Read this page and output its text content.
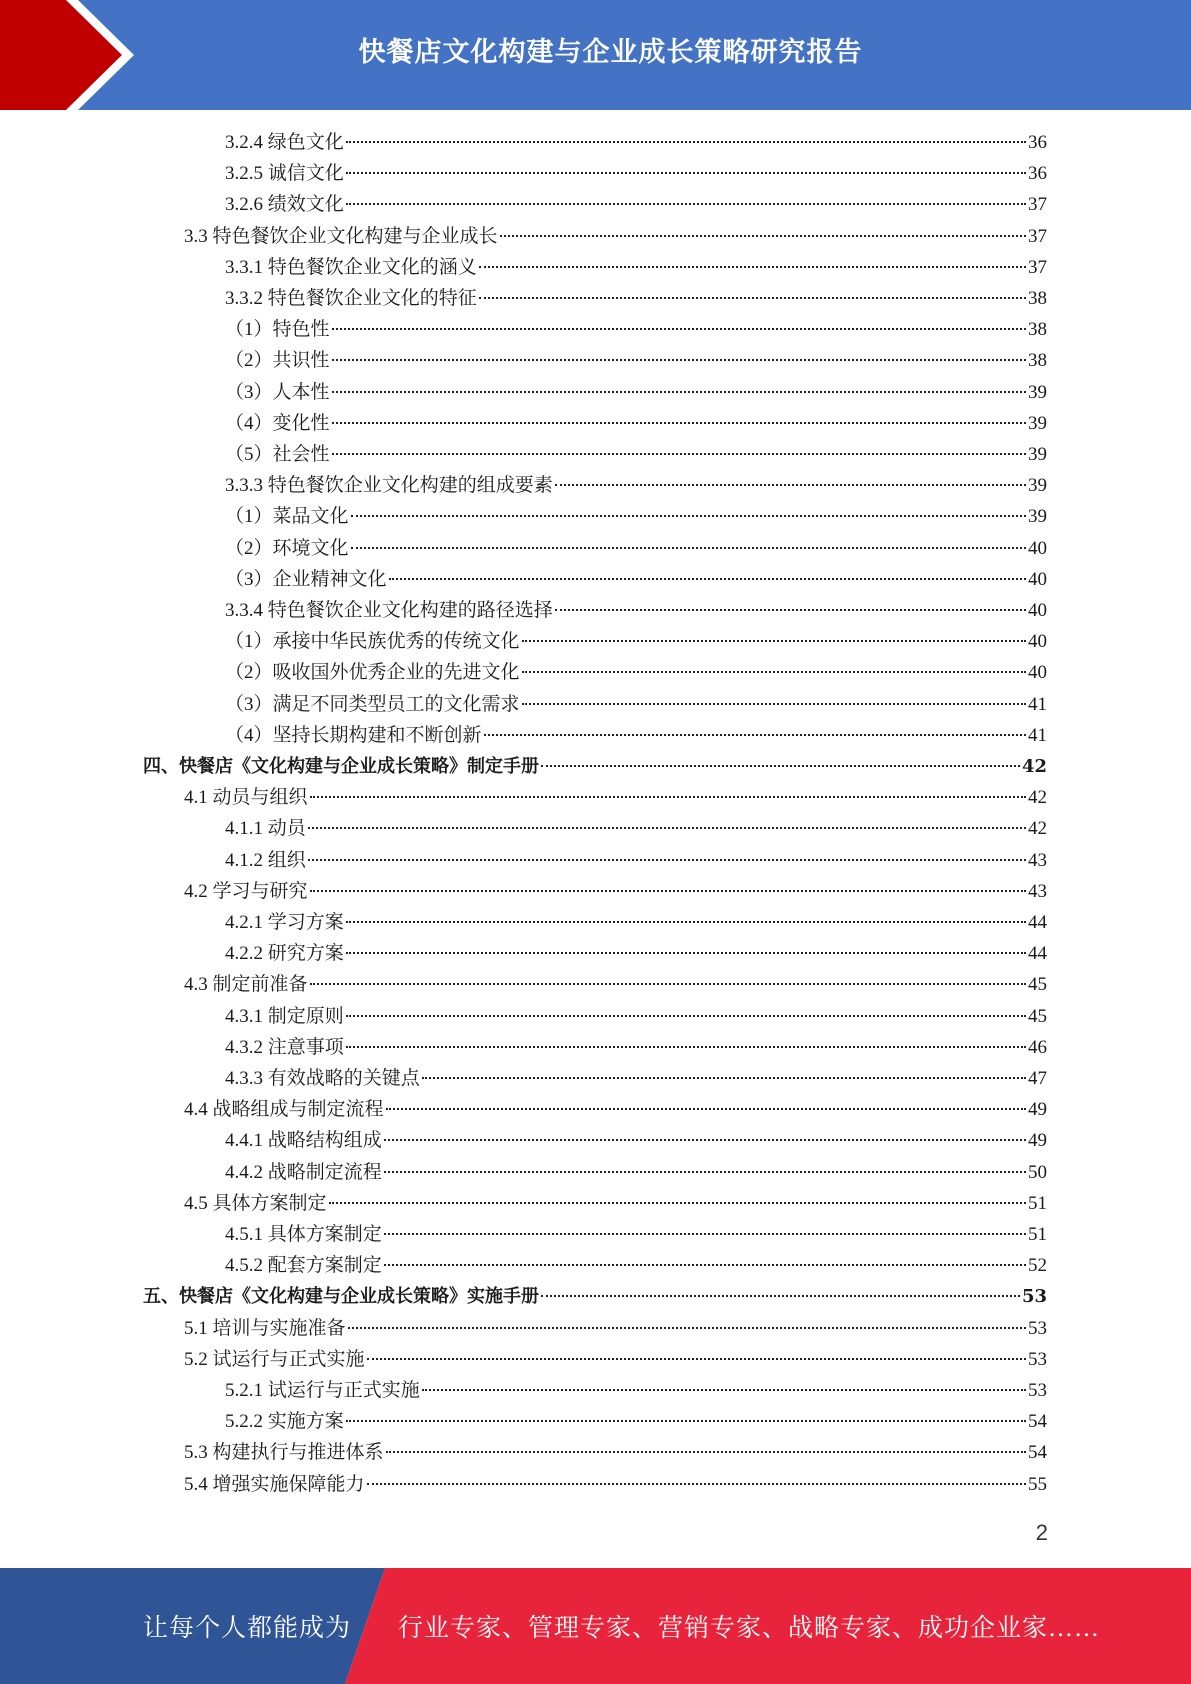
快餐店文化构建与企业成长策略研究报告
3.2.4 绿色文化	36
3.2.5 诚信文化	36
3.2.6 绩效文化	37
3.3 特色餐饮企业文化构建与企业成长	37
3.3.1 特色餐饮企业文化的涵义	37
3.3.2 特色餐饮企业文化的特征	38
（1）特色性	38
（2）共识性	38
（3）人本性	39
（4）变化性	39
（5）社会性	39
3.3.3 特色餐饮企业文化构建的组成要素	39
（1）菜品文化	39
（2）环境文化	40
（3）企业精神文化	40
3.3.4 特色餐饮企业文化构建的路径选择	40
（1）承接中华民族优秀的传统文化	40
（2）吸收国外优秀企业的先进文化	40
（3）满足不同类型员工的文化需求	41
（4）坚持长期构建和不断创新	41
四、快餐店《文化构建与企业成长策略》制定手册	42
4.1 动员与组织	42
4.1.1 动员	42
4.1.2 组织	43
4.2 学习与研究	43
4.2.1 学习方案	44
4.2.2 研究方案	44
4.3 制定前准备	45
4.3.1 制定原则	45
4.3.2 注意事项	46
4.3.3 有效战略的关键点	47
4.4 战略组成与制定流程	49
4.4.1 战略结构组成	49
4.4.2 战略制定流程	50
4.5 具体方案制定	51
4.5.1 具体方案制定	51
4.5.2 配套方案制定	52
五、快餐店《文化构建与企业成长策略》实施手册	53
5.1 培训与实施准备	53
5.2 试运行与正式实施	53
5.2.1 试运行与正式实施	53
5.2.2 实施方案	54
5.3 构建执行与推进体系	54
5.4 增强实施保障能力	55
2
让每个人都能成为 行业专家、管理专家、营销专家、战略专家、成功企业家……
